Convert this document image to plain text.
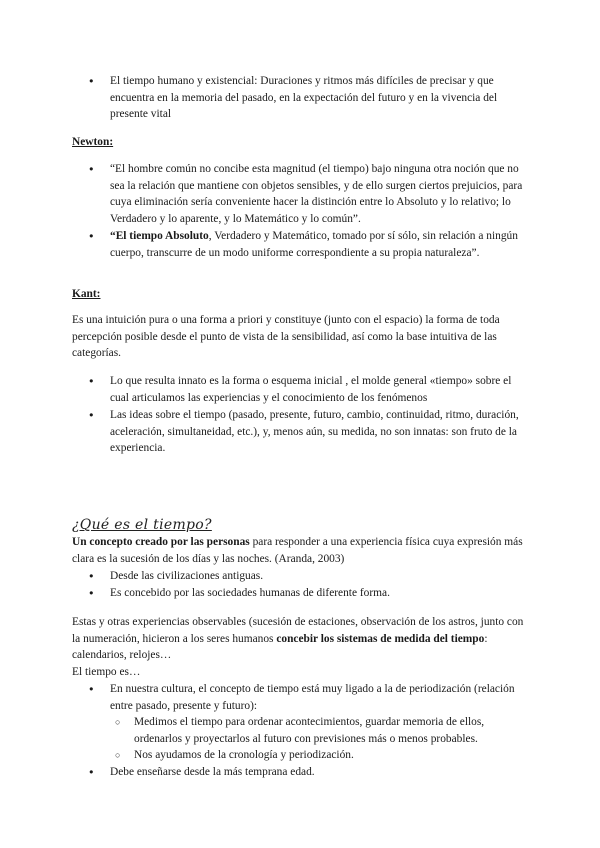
● El tiempo humano y existencial: Duraciones y ritmos más difíciles de precisar y que encuentra en la memoria del pasado, en la expectación del futuro y en la vivencia del presente vital
Newton:
● “El hombre común no concibe esta magnitud (el tiempo) bajo ninguna otra noción que no sea la relación que mantiene con objetos sensibles, y de ello surgen ciertos prejuicios, para cuya eliminación sería conveniente hacer la distinción entre lo Absoluto y lo relativo; lo Verdadero y lo aparente, y lo Matemático y lo común”.
● “El tiempo Absoluto, Verdadero y Matemático, tomado por sí sólo, sin relación a ningún cuerpo, transcurre de un modo uniforme correspondiente a su propia naturaleza”.
Kant:

Es una intuición pura o una forma a priori y constituye (junto con el espacio) la forma de toda percepción posible desde el punto de vista de la sensibilidad, así como la base intuitiva de las categorías.

● Lo que resulta innato es la forma o esquema inicial , el molde general «tiempo» sobre el cual articulamos las experiencias y el conocimiento de los fenómenos
● Las ideas sobre el tiempo (pasado, presente, futuro, cambio, continuidad, ritmo, duración, aceleración, simultaneidad, etc.), y, menos aún, su medida, no son innatas: son fruto de la experiencia.
¿Qué es el tiempo?

Un concepto creado por las personas para responder a una experiencia física cuya expresión más clara es la sucesión de los días y las noches. (Aranda, 2003)

● Desde las civilizaciones antiguas.
● Es concebido por las sociedades humanas de diferente forma.

Estas y otras experiencias observables (sucesión de estaciones, observación de los astros, junto con la numeración, hicieron a los seres humanos concebir los sistemas de medida del tiempo: calendarios, relojes…

El tiempo es…

● En nuestra cultura, el concepto de tiempo está muy ligado a la de periodización (relación entre pasado, presente y futuro):
○ Medimos el tiempo para ordenar acontecimientos, guardar memoria de ellos, ordenarlos y proyectarlos al futuro con previsiones más o menos probables.
○ Nos ayudamos de la cronología y periodización.
● Debe enseñarse desde la más temprana edad.
